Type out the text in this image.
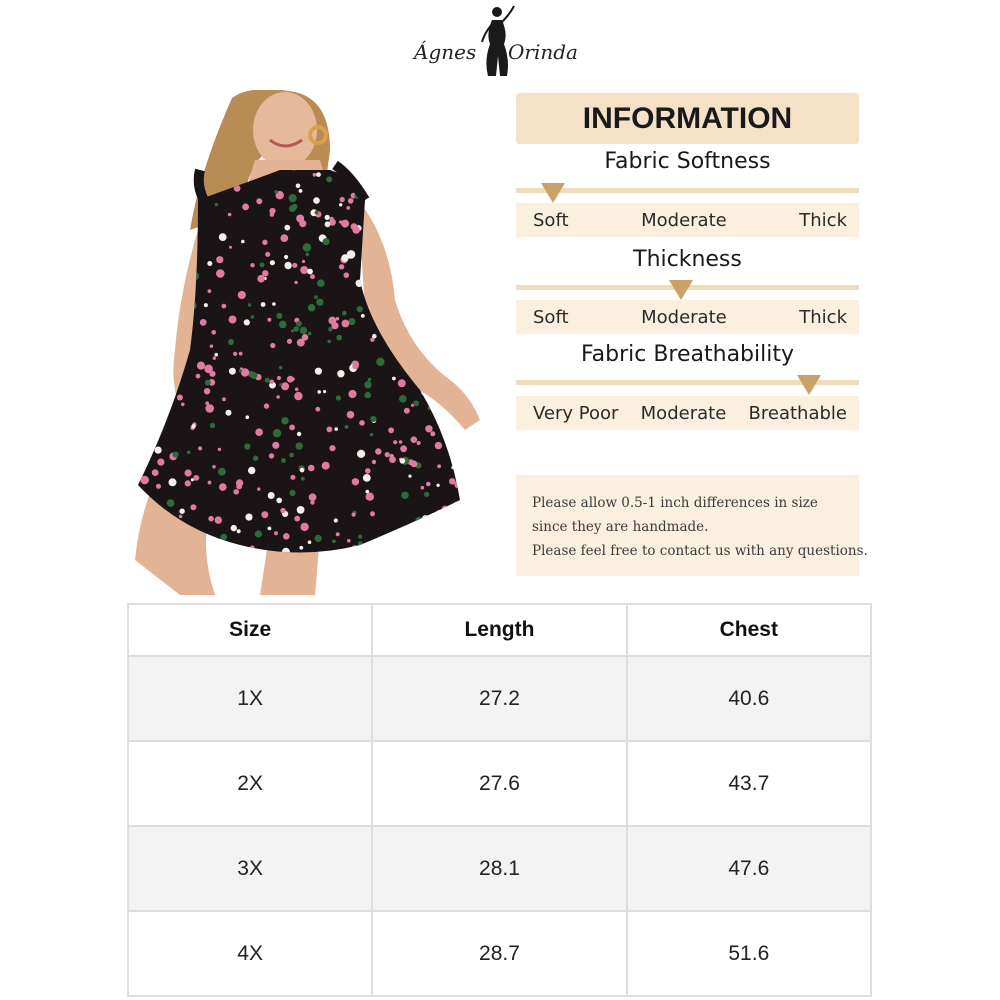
Ágnes Orinda
INFORMATION
Fabric Softness
Soft	Moderate	Thick
Thickness
Soft	Moderate	Thick
Fabric Breathability
Very Poor Moderate Breathable
Please allow 0.5-1 inch differences in size
since they are handmade.
Please feel free to contact us with any questions.
Size	Length	Chest
1X	27.2	40.6
2X	27.6	43.7
3X	28.1	47.6
4X	28.7	51.6
